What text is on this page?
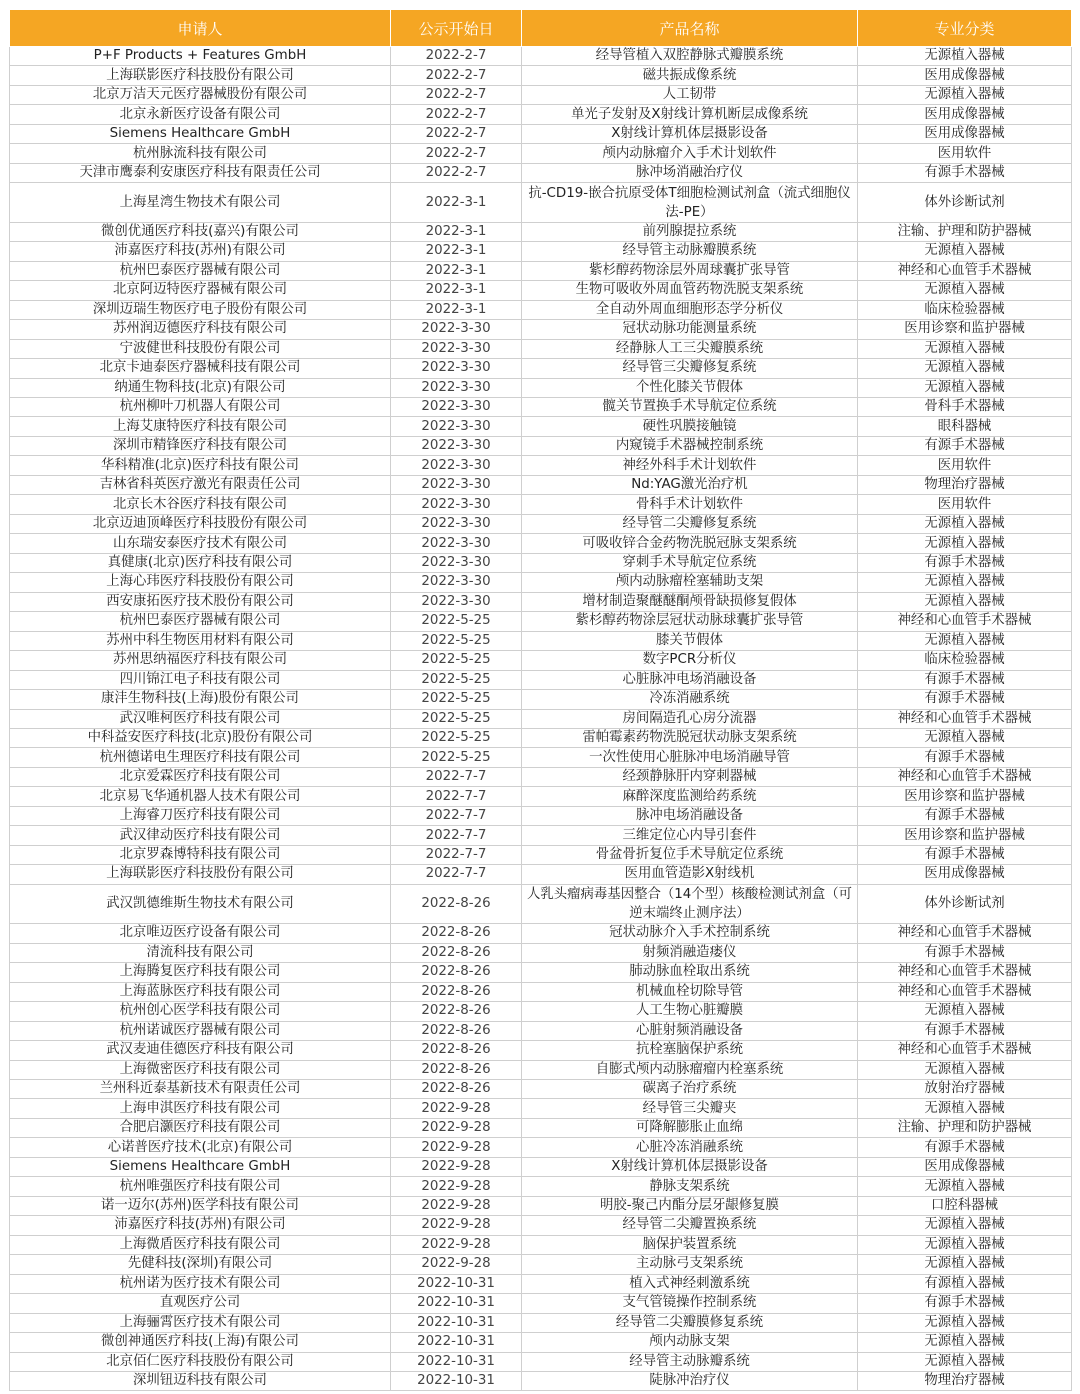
申请人	公示开始日	产品名称	专业分类
P+F Products + Features GmbH	2022-2-7	经导管植入双腔静脉式瓣膜系统	无源植入器械
上海联影医疗科技股份有限公司	2022-2-7	磁共振成像系统	医用成像器械
北京万洁天元医疗器械股份有限公司	2022-2-7	人工韧带	无源植入器械
北京永新医疗设备有限公司	2022-2-7	单光子发射及X射线计算机断层成像系统	医用成像器械
Siemens Healthcare GmbH	2022-2-7	X射线计算机体层摄影设备	医用成像器械
杭州脉流科技有限公司	2022-2-7	颅内动脉瘤介入手术计划软件	医用软件
天津市鹰泰利安康医疗科技有限责任公司	2022-2-7	脉冲场消融治疗仪	有源手术器械
上海星湾生物技术有限公司	2022-3-1	抗-CD19-嵌合抗原受体T细胞检测试剂盒（流式细胞仪法-PE）	体外诊断试剂
微创优通医疗科技(嘉兴)有限公司	2022-3-1	前列腺提拉系统	注输、护理和防护器械
沛嘉医疗科技(苏州)有限公司	2022-3-1	经导管主动脉瓣膜系统	无源植入器械
杭州巴泰医疗器械有限公司	2022-3-1	紫杉醇药物涂层外周球囊扩张导管	神经和心血管手术器械
北京阿迈特医疗器械有限公司	2022-3-1	生物可吸收外周血管药物洗脱支架系统	无源植入器械
深圳迈瑞生物医疗电子股份有限公司	2022-3-1	全自动外周血细胞形态学分析仪	临床检验器械
苏州润迈德医疗科技有限公司	2022-3-30	冠状动脉功能测量系统	医用诊察和监护器械
宁波健世科技股份有限公司	2022-3-30	经静脉人工三尖瓣膜系统	无源植入器械
北京卡迪泰医疗器械科技有限公司	2022-3-30	经导管三尖瓣修复系统	无源植入器械
纳通生物科技(北京)有限公司	2022-3-30	个性化膝关节假体	无源植入器械
杭州柳叶刀机器人有限公司	2022-3-30	髋关节置换手术导航定位系统	骨科手术器械
上海艾康特医疗科技有限公司	2022-3-30	硬性巩膜接触镜	眼科器械
深圳市精锋医疗科技有限公司	2022-3-30	内窥镜手术器械控制系统	有源手术器械
华科精准(北京)医疗科技有限公司	2022-3-30	神经外科手术计划软件	医用软件
吉林省科英医疗激光有限责任公司	2022-3-30	Nd:YAG激光治疗机	物理治疗器械
北京长木谷医疗科技有限公司	2022-3-30	骨科手术计划软件	医用软件
北京迈迪顶峰医疗科技股份有限公司	2022-3-30	经导管二尖瓣修复系统	无源植入器械
山东瑞安泰医疗技术有限公司	2022-3-30	可吸收锌合金药物洗脱冠脉支架系统	无源植入器械
真健康(北京)医疗科技有限公司	2022-3-30	穿刺手术导航定位系统	有源手术器械
上海心玮医疗科技股份有限公司	2022-3-30	颅内动脉瘤栓塞辅助支架	无源植入器械
西安康拓医疗技术股份有限公司	2022-3-30	增材制造聚醚醚酮颅骨缺损修复假体	无源植入器械
杭州巴泰医疗器械有限公司	2022-5-25	紫杉醇药物涂层冠状动脉球囊扩张导管	神经和心血管手术器械
苏州中科生物医用材料有限公司	2022-5-25	膝关节假体	无源植入器械
苏州思纳福医疗科技有限公司	2022-5-25	数字PCR分析仪	临床检验器械
四川锦江电子科技有限公司	2022-5-25	心脏脉冲电场消融设备	有源手术器械
康沣生物科技(上海)股份有限公司	2022-5-25	冷冻消融系统	有源手术器械
武汉唯柯医疗科技有限公司	2022-5-25	房间隔造孔心房分流器	神经和心血管手术器械
中科益安医疗科技(北京)股份有限公司	2022-5-25	雷帕霉素药物洗脱冠状动脉支架系统	无源植入器械
杭州德诺电生理医疗科技有限公司	2022-5-25	一次性使用心脏脉冲电场消融导管	有源手术器械
北京爱霖医疗科技有限公司	2022-7-7	经颈静脉肝内穿刺器械	神经和心血管手术器械
北京易飞华通机器人技术有限公司	2022-7-7	麻醉深度监测给药系统	医用诊察和监护器械
上海睿刀医疗科技有限公司	2022-7-7	脉冲电场消融设备	有源手术器械
武汉律动医疗科技有限公司	2022-7-7	三维定位心内导引套件	医用诊察和监护器械
北京罗森博特科技有限公司	2022-7-7	骨盆骨折复位手术导航定位系统	有源手术器械
上海联影医疗科技股份有限公司	2022-7-7	医用血管造影X射线机	医用成像器械
武汉凯德维斯生物技术有限公司	2022-8-26	人乳头瘤病毒基因整合（14个型）核酸检测试剂盒（可逆末端终止测序法）	体外诊断试剂
北京唯迈医疗设备有限公司	2022-8-26	冠状动脉介入手术控制系统	神经和心血管手术器械
清流科技有限公司	2022-8-26	射频消融造瘘仪	有源手术器械
上海腾复医疗科技有限公司	2022-8-26	肺动脉血栓取出系统	神经和心血管手术器械
上海蓝脉医疗科技有限公司	2022-8-26	机械血栓切除导管	神经和心血管手术器械
杭州创心医学科技有限公司	2022-8-26	人工生物心脏瓣膜	无源植入器械
杭州诺诚医疗器械有限公司	2022-8-26	心脏射频消融设备	有源手术器械
武汉麦迪佳德医疗科技有限公司	2022-8-26	抗栓塞脑保护系统	神经和心血管手术器械
上海微密医疗科技有限公司	2022-8-26	自膨式颅内动脉瘤瘤内栓塞系统	无源植入器械
兰州科近泰基新技术有限责任公司	2022-8-26	碳离子治疗系统	放射治疗器械
上海申淇医疗科技有限公司	2022-9-28	经导管三尖瓣夹	无源植入器械
合肥启灏医疗科技有限公司	2022-9-28	可降解膨胀止血绵	注输、护理和防护器械
心诺普医疗技术(北京)有限公司	2022-9-28	心脏冷冻消融系统	有源手术器械
Siemens Healthcare GmbH	2022-9-28	X射线计算机体层摄影设备	医用成像器械
杭州唯强医疗科技有限公司	2022-9-28	静脉支架系统	无源植入器械
诺一迈尔(苏州)医学科技有限公司	2022-9-28	明胶-聚己内酯分层牙龈修复膜	口腔科器械
沛嘉医疗科技(苏州)有限公司	2022-9-28	经导管二尖瓣置换系统	无源植入器械
上海微盾医疗科技有限公司	2022-9-28	脑保护装置系统	无源植入器械
先健科技(深圳)有限公司	2022-9-28	主动脉弓支架系统	无源植入器械
杭州诺为医疗技术有限公司	2022-10-31	植入式神经刺激系统	有源植入器械
直观医疗公司	2022-10-31	支气管镜操作控制系统	有源手术器械
上海骊霄医疗技术有限公司	2022-10-31	经导管二尖瓣膜修复系统	无源植入器械
微创神通医疗科技(上海)有限公司	2022-10-31	颅内动脉支架	无源植入器械
北京佰仁医疗科技股份有限公司	2022-10-31	经导管主动脉瓣系统	无源植入器械
深圳钮迈科技有限公司	2022-10-31	陡脉冲治疗仪	物理治疗器械
